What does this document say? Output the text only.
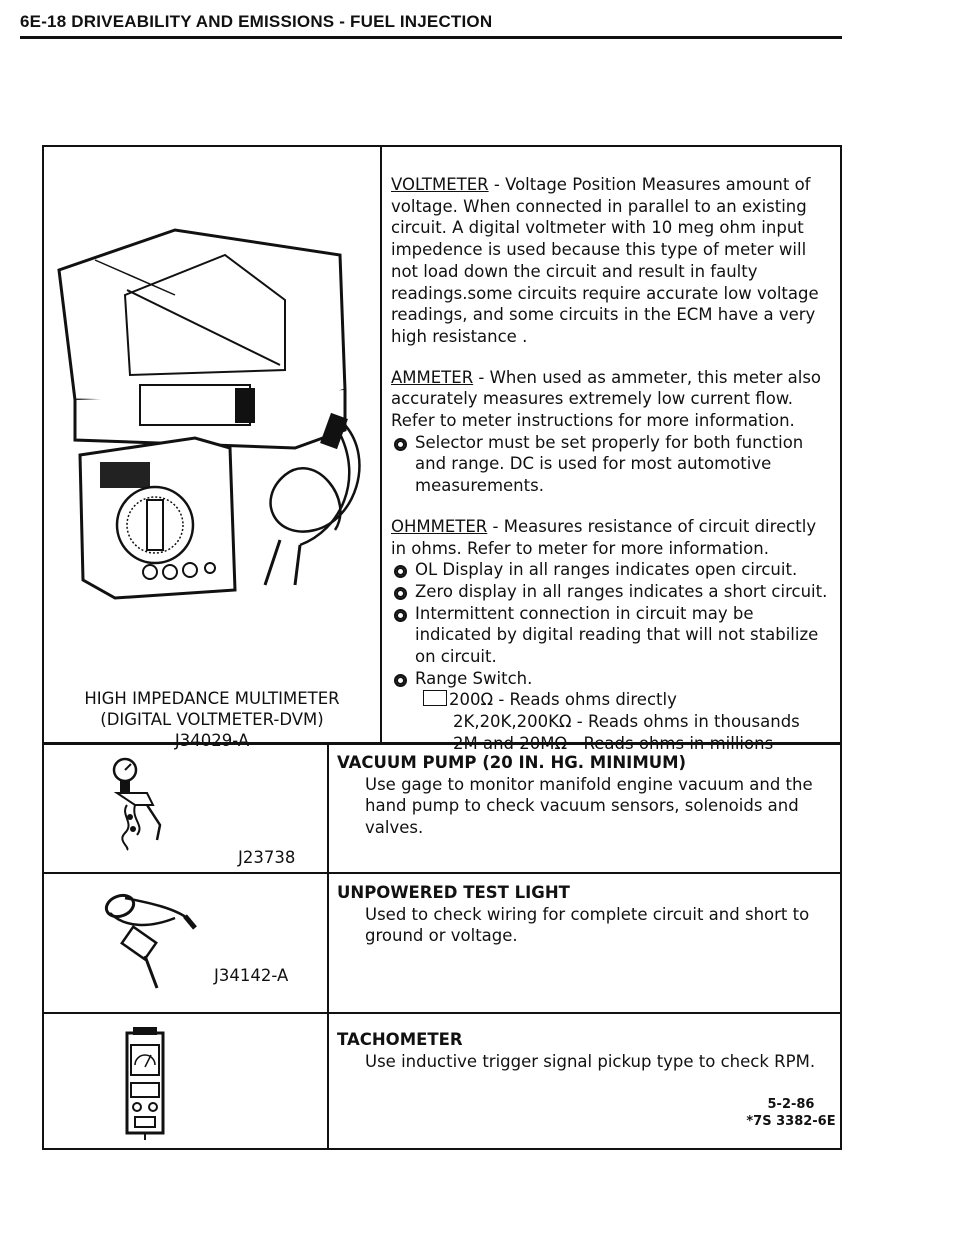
6E-18 DRIVEABILITY AND EMISSIONS - FUEL INJECTION
HIGH IMPEDANCE MULTIMETER
(DIGITAL VOLTMETER-DVM)
J34029-A

VOLTMETER - Voltage Position Measures amount of voltage. When connected in parallel to an existing circuit. A digital voltmeter with 10 meg ohm input impedence is used because this type of meter will not load down the circuit and result in faulty readings.some circuits require accurate low voltage readings, and some circuits in the ECM have a very high resistance .

AMMETER - When used as ammeter, this meter also accurately measures extremely low current flow. Refer to meter instructions for more information.

Selector must be set properly for both function and range. DC is used for most automotive measurements.

OHMMETER - Measures resistance of circuit directly in ohms. Refer to meter for more information.

OL Display in all ranges indicates open circuit.
Zero display in all ranges indicates a short circuit.
Intermittent connection in circuit may be indicated by digital reading that will not stabilize on circuit.
Range Switch.
200Ω - Reads ohms directly
2K,20K,200KΩ - Reads ohms in thousands
2M and 20MΩ - Reads ohms in millions
J23738

VACUUM PUMP (20 IN. HG. MINIMUM)

Use gage to monitor manifold engine vacuum and the hand pump to check vacuum sensors, solenoids and valves.

J34142-A

UNPOWERED TEST LIGHT

Used to check wiring for complete circuit and short to ground or voltage.

TACHOMETER

Use inductive trigger signal pickup type to check RPM.

5-2-86
*7S 3382-6E
